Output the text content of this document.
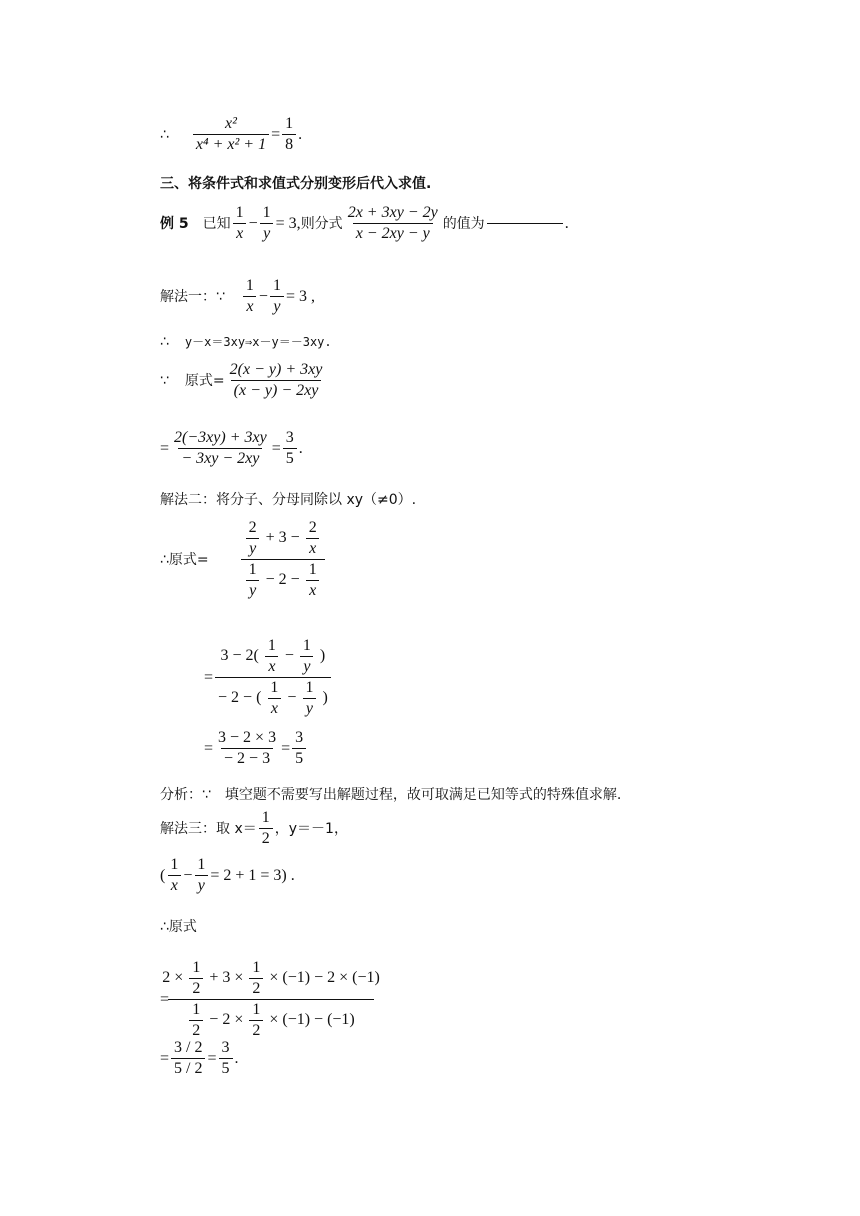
∴ $\frac{\text{x²}}{\text{x⁴ + x² + 1}} = \frac{1}{8}$ .
三、将条件式和求值式分别变形后代入求值.
例 5 已知 $\frac{1}{x} - \frac{1}{y} = 3$, 则分式 $\frac{2x + 3xy - 2y}{x - 2xy - y}$ 的值为	.
解法一：∵ $\frac{1}{x} - \frac{1}{y} = 3$ ,
∴ y－x＝3xy⇒x－y＝－3xy.
∵ 原式= $\frac{2(x - y) + 3xy}{(x - y) - 2xy}$
= $\frac{2(-3xy) + 3xy}{- 3xy - 2xy} = \frac{3}{5}$ .
解法二：将分子、分母同除以 xy（≠0）.
∴原式= $\frac{\frac{2}{y} + 3 - \frac{2}{x}}{\frac{1}{y} - 2 - \frac{1}{x}}$
= $\frac{3 - 2( \frac{1}{x} - \frac{1}{y} )}{- 2 - ( \frac{1}{x} - \frac{1}{y} )}$
= $\frac{3 - 2 \times 3}{- 2 - 3} = \frac{3}{5}$
分析：∵　填空题不需要写出解题过程，故可取满足已知等式的特殊值求解.
解法三：取 $x= \frac{1}{2}$ ，y＝－1，
( $\frac{1}{x} - \frac{1}{y} = 2 + 1 = 3$) .
∴原式
= $\frac{2 \times \frac{1}{2} + 3 \times \frac{1}{2} \times (-1) - 2 \times (-1)}{\frac{1}{2} - 2 \times \frac{1}{2} \times (-1) - (-1)}$
= $\frac{3 / 2}{5 / 2} = \frac{3}{5}$ .
